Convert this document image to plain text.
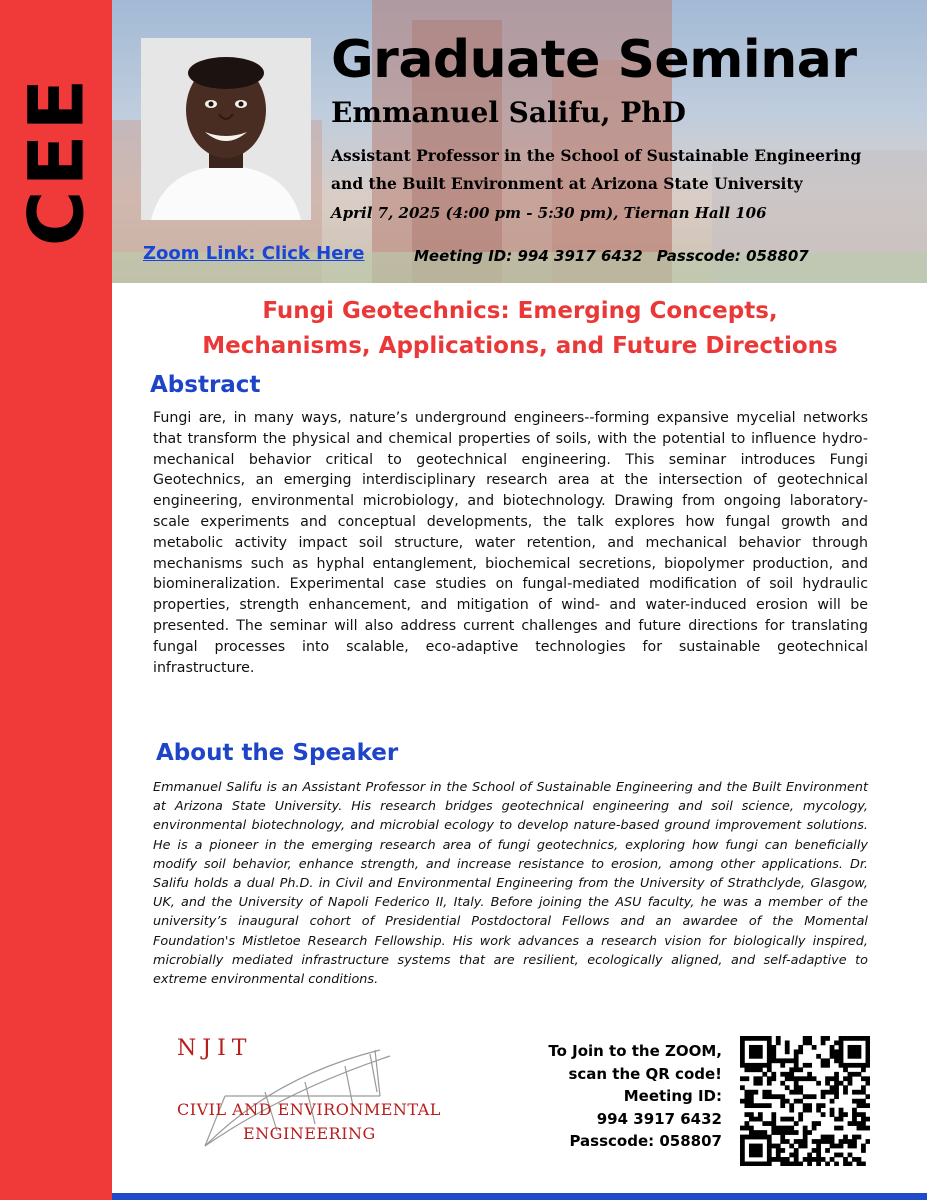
CEE
Graduate Seminar
Emmanuel Salifu, PhD
Assistant Professor in the School of Sustainable Engineering
and the Built Environment at Arizona State University
April 7, 2025 (4:00 pm - 5:30 pm), Tiernan Hall 106
Zoom Link: Click Here	Meeting ID: 994 3917 6432 Passcode: 058807
Fungi Geotechnics: Emerging Concepts,
Mechanisms, Applications, and Future Directions
Abstract

Fungi are, in many ways, nature’s underground engineers--forming expansive mycelial networks that transform the physical and chemical properties of soils, with the potential to influence hydro-mechanical behavior critical to geotechnical engineering. This seminar introduces Fungi Geotechnics, an emerging interdisciplinary research area at the intersection of geotechnical engineering, environmental microbiology, and biotechnology. Drawing from ongoing laboratory-scale experiments and conceptual developments, the talk explores how fungal growth and metabolic activity impact soil structure, water retention, and mechanical behavior through mechanisms such as hyphal entanglement, biochemical secretions, biopolymer production, and biomineralization. Experimental case studies on fungal-mediated modification of soil hydraulic properties, strength enhancement, and mitigation of wind- and water-induced erosion will be presented. The seminar will also address current challenges and future directions for translating fungal processes into scalable, eco-adaptive technologies for sustainable geotechnical infrastructure.

About the Speaker

Emmanuel Salifu is an Assistant Professor in the School of Sustainable Engineering and the Built Environment at Arizona State University. His research bridges geotechnical engineering and soil science, mycology, environmental biotechnology, and microbial ecology to develop nature-based ground improvement solutions. He is a pioneer in the emerging research area of fungi geotechnics, exploring how fungi can beneficially modify soil behavior, enhance strength, and increase resistance to erosion, among other applications. Dr. Salifu holds a dual Ph.D. in Civil and Environmental Engineering from the University of Strathclyde, Glasgow, UK, and the University of Napoli Federico II, Italy. Before joining the ASU faculty, he was a member of the university’s inaugural cohort of Presidential Postdoctoral Fellows and an awardee of the Momental Foundation's Mistletoe Research Fellowship. His work advances a research vision for biologically inspired, microbially mediated infrastructure systems that are resilient, ecologically aligned, and self-adaptive to extreme environmental conditions.

NJIT
CIVIL AND ENVIRONMENTAL
ENGINEERING
To Join to the ZOOM,
scan the QR code!
Meeting ID:
994 3917 6432
Passcode: 058807
